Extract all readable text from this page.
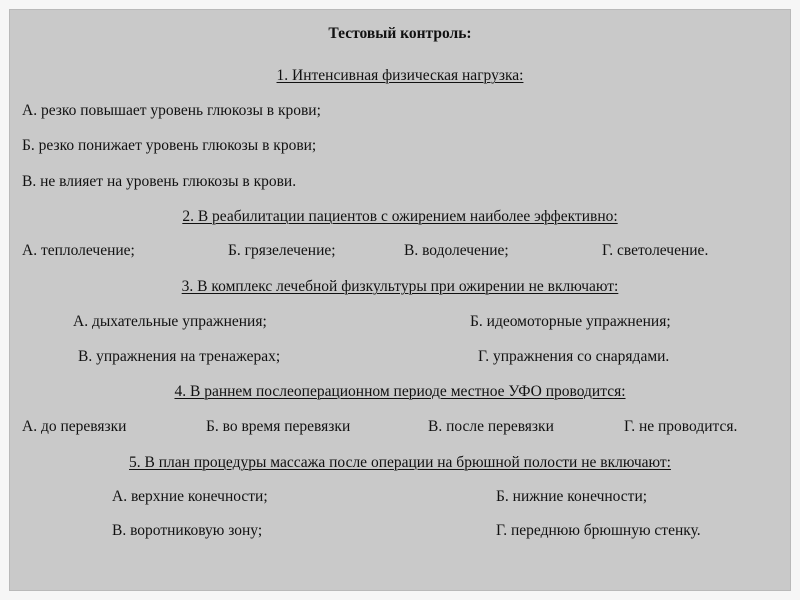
Тестовый контроль:
1. Интенсивная физическая нагрузка:
А. резко повышает уровень глюкозы в крови;
Б. резко понижает уровень глюкозы в крови;
В. не влияет на уровень глюкозы в крови.
2. В реабилитации пациентов с ожирением наиболее эффективно:
А. теплолечение;	Б. грязелечение;	В. водолечение;	Г. светолечение.
3. В комплекс лечебной физкультуры при ожирении не включают:
А. дыхательные упражнения;	Б. идеомоторные упражнения;
В. упражнения на тренажерах;	Г. упражнения со снарядами.
4. В раннем послеоперационном периоде местное УФО проводится:
А. до перевязки	Б. во время перевязки	В. после перевязки	Г. не проводится.
5. В план процедуры массажа после операции на брюшной полости не включают:
А. верхние конечности;	Б. нижние конечности;
В. воротниковую зону;	Г. переднюю брюшную стенку.
